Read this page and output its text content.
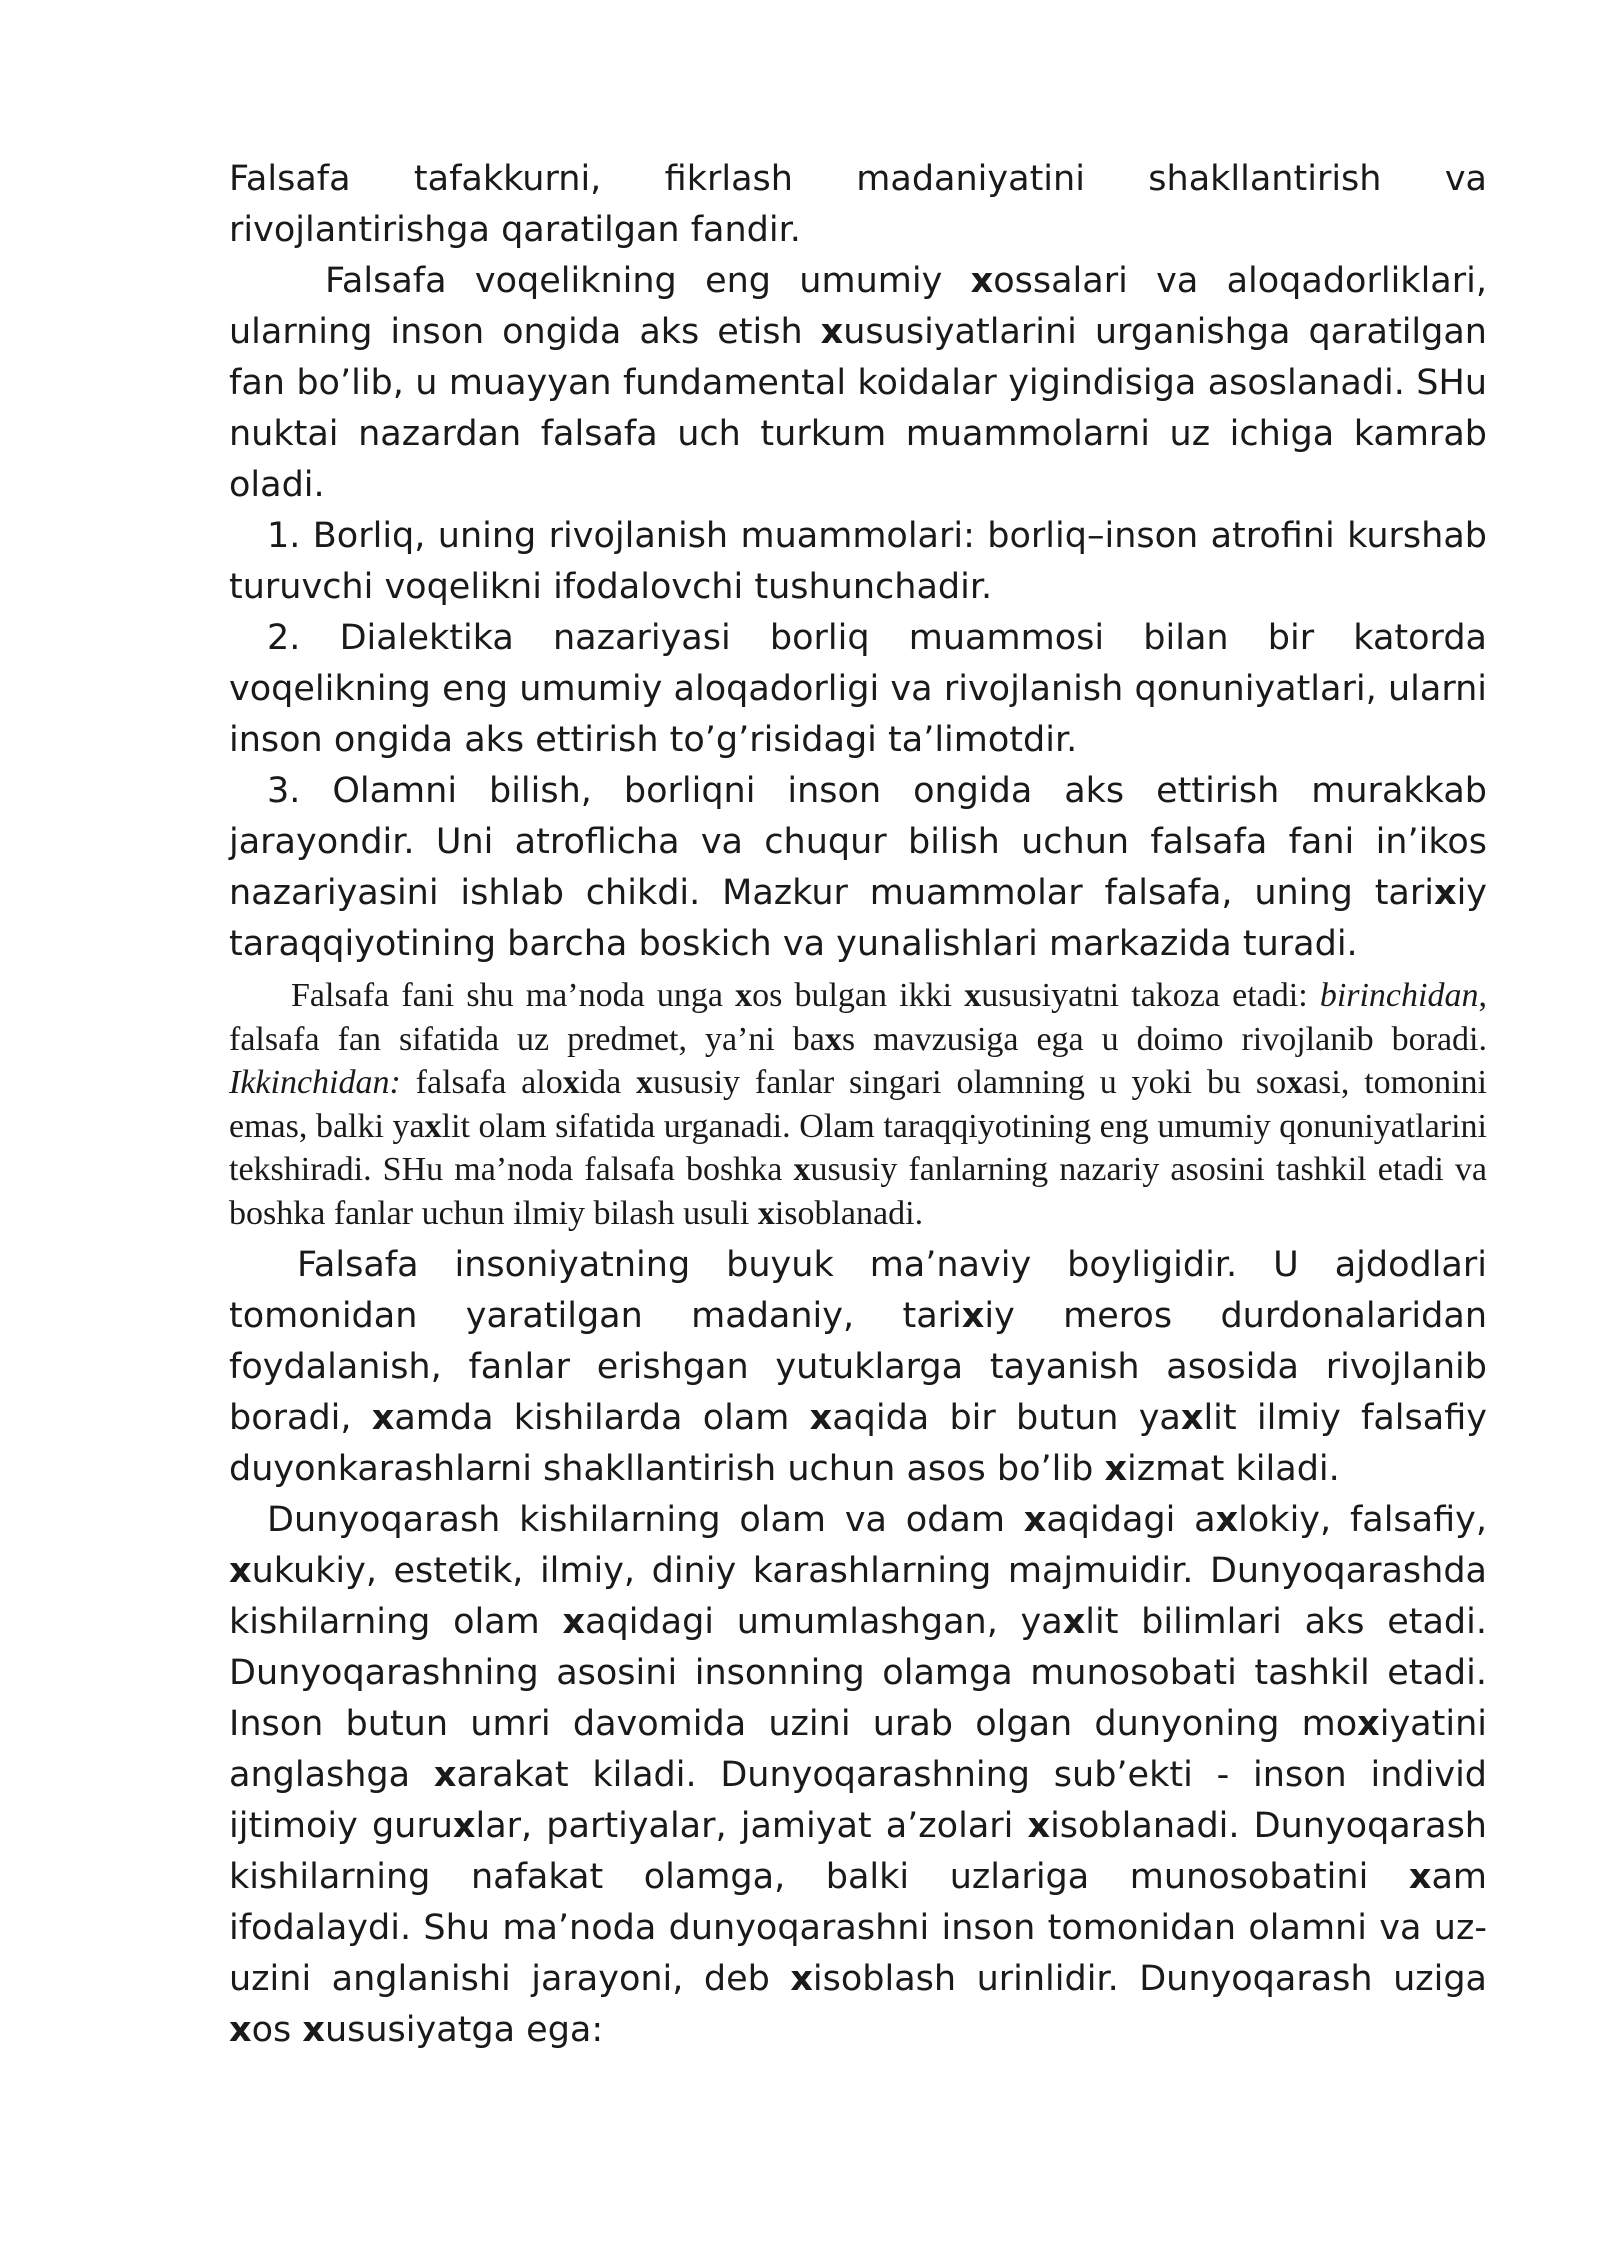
Falsafa tafakkurni, fikrlash madaniyatini shakllantirish va rivojlantirishga qaratilgan fandir.

Falsafa voqelikning eng umumiy xossalari va aloqadorliklari, ularning inson ongida aks etish xususiyatlarini urganishga qaratilgan fan bo’lib, u muayyan fundamental koidalar yigindisiga asoslanadi. SHu nuktai nazardan falsafa uch turkum muammolarni uz ichiga kamrab oladi.

1. Borliq, uning rivojlanish muammolari: borliq–inson atrofini kurshab turuvchi voqelikni ifodalovchi tushunchadir.

2. Dialektika nazariyasi borliq muammosi bilan bir katorda voqelikning eng umumiy aloqadorligi va rivojlanish qonuniyatlari, ularni inson ongida aks ettirish to’g’risidagi ta’limotdir.

3. Olamni bilish, borliqni inson ongida aks ettirish murakkab jarayondir. Uni atroflicha va chuqur bilish uchun falsafa fani in’ikos nazariyasini ishlab chikdi. Mazkur muammolar falsafa, uning tarixiy taraqqiyotining barcha boskich va yunalishlari markazida turadi.

Falsafa fani shu ma’noda unga xos bulgan ikki xususiyatni takoza etadi: birinchidan, falsafa fan sifatida uz predmet, ya’ni baxs mavzusiga ega u doimo rivojlanib boradi. Ikkinchidan: falsafa aloxida xususiy fanlar singari olamning u yoki bu soxasi, tomonini emas, balki yaxlit olam sifatida urganadi. Olam taraqqiyotining eng umumiy qonuniyatlarini tekshiradi. SHu ma’noda falsafa boshka xususiy fanlarning nazariy asosini tashkil etadi va boshka fanlar uchun ilmiy bilash usuli xisoblanadi.

Falsafa insoniyatning buyuk ma’naviy boyligidir. U ajdodlari tomonidan yaratilgan madaniy, tarixiy meros durdonalaridan foydalanish, fanlar erishgan yutuklarga tayanish asosida rivojlanib boradi, xamda kishilarda olam xaqida bir butun yaxlit ilmiy falsafiy duyonkarashlarni shakllantirish uchun asos bo’lib xizmat kiladi.

Dunyoqarash kishilarning olam va odam xaqidagi axlokiy, falsafiy, xukukiy, estetik, ilmiy, diniy karashlarning majmuidir. Dunyoqarashda kishilarning olam xaqidagi umumlashgan, yaxlit bilimlari aks etadi. Dunyoqarashning asosini insonning olamga munosobati tashkil etadi. Inson butun umri davomida uzini urab olgan dunyoning moxiyatini anglashga xarakat kiladi. Dunyoqarashning sub’ekti - inson individ ijtimoiy guruxlar, partiyalar, jamiyat a’zolari xisoblanadi. Dunyoqarash kishilarning nafakat olamga, balki uzlariga munosobatini xam ifodalaydi. Shu ma’noda dunyoqarashni inson tomonidan olamni va uz-uzini anglanishi jarayoni, deb xisoblash urinlidir. Dunyoqarash uziga xos xususiyatga ega:
